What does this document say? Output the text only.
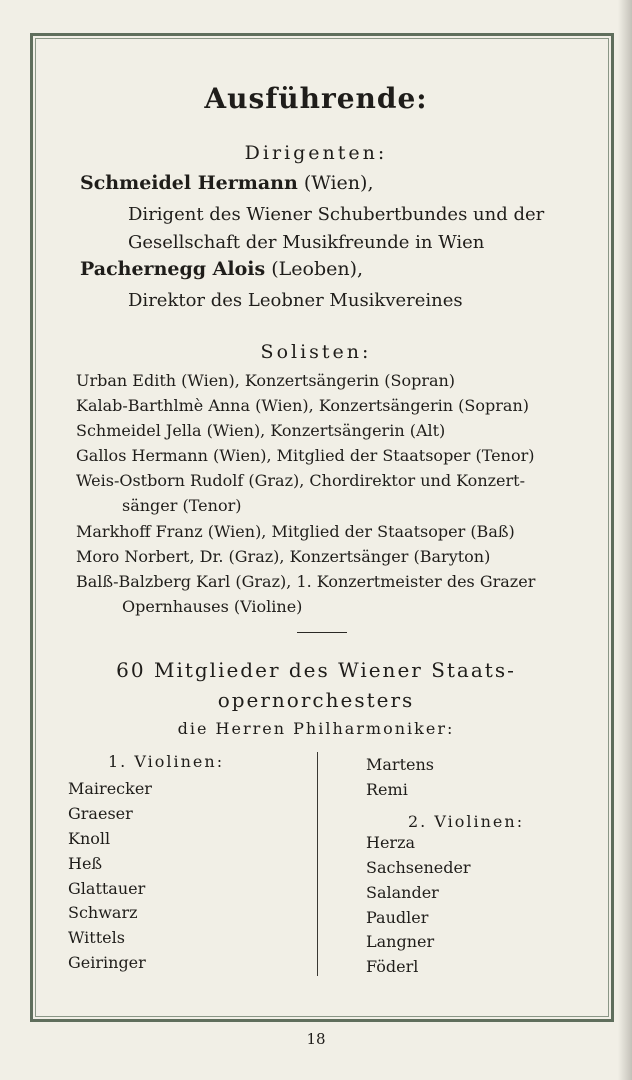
Ausführende:
Dirigenten:
Schmeidel Hermann (Wien),
Dirigent des Wiener Schubertbundes und der
Gesellschaft der Musikfreunde in Wien
Pachernegg Alois (Leoben),
Direktor des Leobner Musikvereines
Solisten:
Urban Edith (Wien), Konzertsängerin (Sopran)
Kalab-Barthlmè Anna (Wien), Konzertsängerin (Sopran)
Schmeidel Jella (Wien), Konzertsängerin (Alt)
Gallos Hermann (Wien), Mitglied der Staatsoper (Tenor)
Weis-Ostborn Rudolf (Graz), Chordirektor und Konzert-
sänger (Tenor)
Markhoff Franz (Wien), Mitglied der Staatsoper (Baß)
Moro Norbert, Dr. (Graz), Konzertsänger (Baryton)
Balß-Balzberg Karl (Graz), 1. Konzertmeister des Grazer
Opernhauses (Violine)
60 Mitglieder des Wiener Staats-
opernorchesters
die Herren Philharmoniker:
1. Violinen:
Mairecker
Graeser
Knoll
Heß
Glattauer
Schwarz
Wittels
Geiringer
Martens
Remi
2. Violinen:
Herza
Sachseneder
Salander
Paudler
Langner
Föderl
18
